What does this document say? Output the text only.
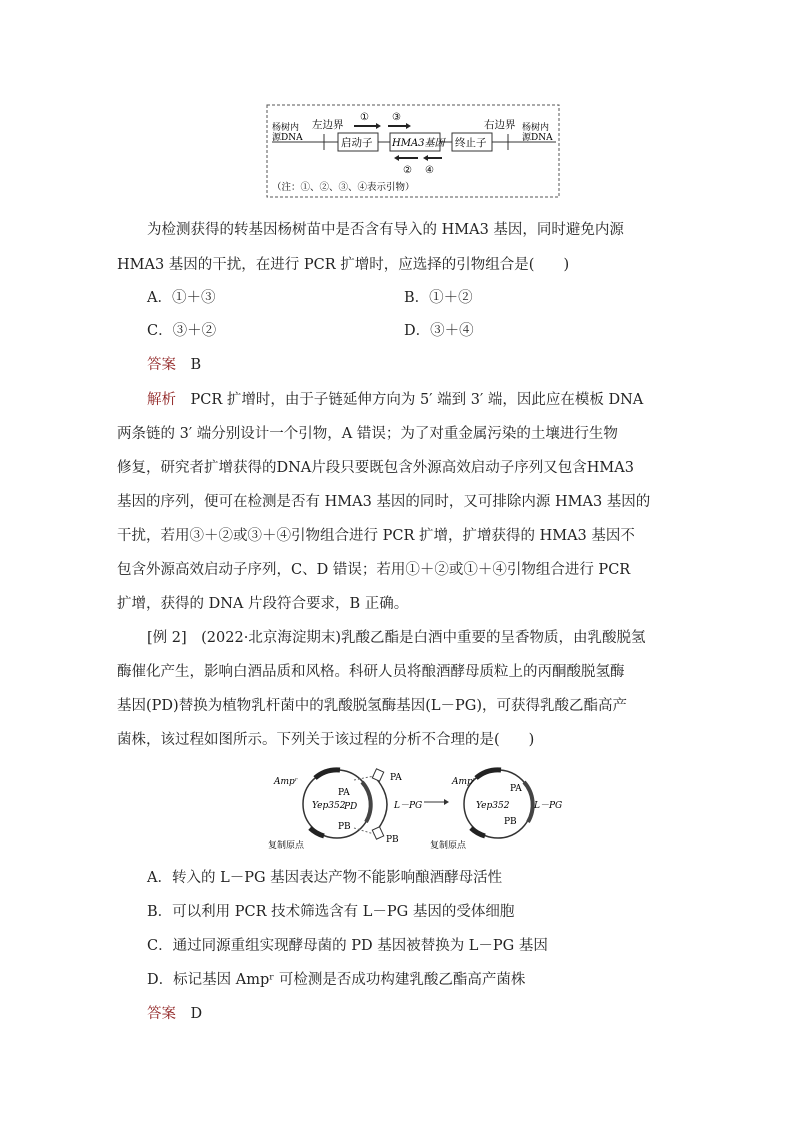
杨树内
源DNA
左边界	右边界 杨树内
源DNA
启动子 HMA3基因 终止子
① ③
② ④
（注：①、②、③、④表示引物）
为检测获得的转基因杨树苗中是否含有导入的 HMA3 基因，同时避免内源
HMA3 基因的干扰，在进行 PCR 扩增时，应选择的引物组合是(　　)
A．①＋③	B．①＋②
C．③＋②	D．③＋④
答案　 B
解析　 PCR 扩增时，由于子链延伸方向为 5′ 端到 3′ 端，因此应在模板 DNA
两条链的 3′ 端分别设计一个引物，A 错误；为了对重金属污染的土壤进行生物
修复，研究者扩增获得的DNA片段只要既包含外源高效启动子序列又包含HMA3
基因的序列，便可在检测是否有 HMA3 基因的同时，又可排除内源 HMA3 基因的
干扰，若用③＋②或③＋④引物组合进行 PCR 扩增，扩增获得的 HMA3 基因不
包含外源高效启动子序列，C、D 错误；若用①＋②或①＋④引物组合进行 PCR
扩增，获得的 DNA 片段符合要求，B 正确。
[例 2]　(2022·北京海淀期末)乳酸乙酯是白酒中重要的呈香物质，由乳酸脱氢
酶催化产生，影响白酒品质和风格。科研人员将酿酒酵母质粒上的丙酮酸脱氢酶
基因(PD)替换为植物乳杆菌中的乳酸脱氢酶基因(L－PG)，可获得乳酸乙酯高产
菌株，该过程如图所示。下列关于该过程的分析不合理的是(　　)
Ampʳ
Yep352
PD
PA
PB
PA
L－PG
PB
复制原点
Ampʳ
Yep352
PA
PB
L－PG
复制原点
A．转入的 L－PG 基因表达产物不能影响酿酒酵母活性
B．可以利用 PCR 技术筛选含有 L－PG 基因的受体细胞
C．通过同源重组实现酵母菌的 PD 基因被替换为 L－PG 基因
D．标记基因 Ampʳ 可检测是否成功构建乳酸乙酯高产菌株
答案　 D
